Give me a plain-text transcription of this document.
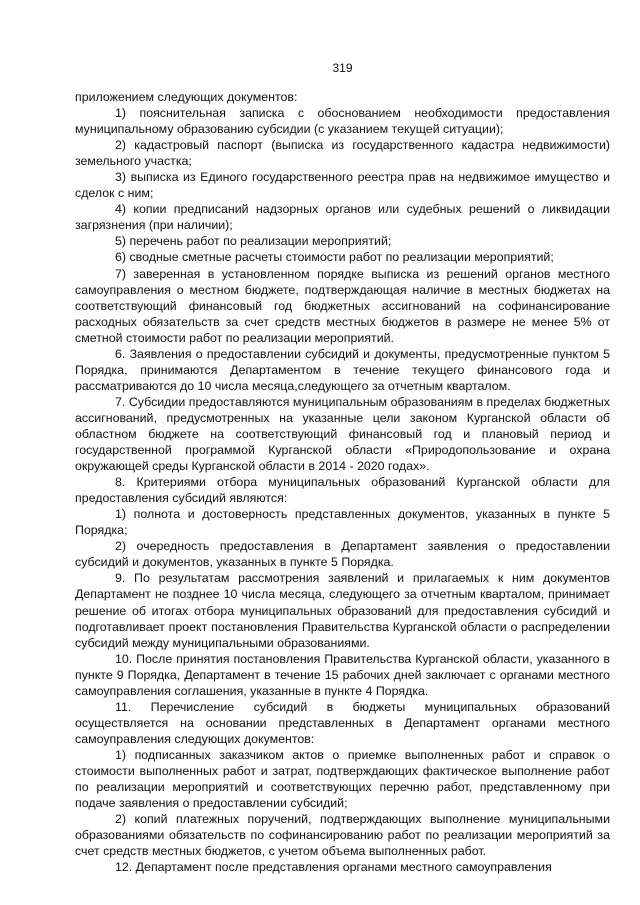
319

приложением следующих документов:

1) пояснительная записка с обоснованием необходимости предоставления муниципальному образованию субсидии (с указанием текущей ситуации);

2) кадастровый паспорт (выписка из государственного кадастра недвижимости) земельного участка;

3) выписка из Единого государственного реестра прав на недвижимое имущество и сделок с ним;

4) копии предписаний надзорных органов или судебных решений о ликвидации загрязнения (при наличии);

5) перечень работ по реализации мероприятий;

6) сводные сметные расчеты стоимости работ по реализации мероприятий;

7) заверенная в установленном порядке выписка из решений органов местного самоуправления о местном бюджете, подтверждающая наличие в местных бюджетах на соответствующий финансовый год бюджетных ассигнований на софинансирование расходных обязательств за счет средств местных бюджетов в размере не менее 5% от сметной стоимости работ по реализации мероприятий.

6. Заявления о предоставлении субсидий и документы, предусмотренные пунктом 5 Порядка, принимаются Департаментом в течение текущего финансового года и рассматриваются до 10 числа месяца,следующего за отчетным кварталом.

7. Субсидии предоставляются муниципальным образованиям в пределах бюджетных ассигнований, предусмотренных на указанные цели законом Курганской области об областном бюджете на соответствующий финансовый год и плановый период и государственной программой Курганской области «Природопользование и охрана окружающей среды Курганской области в 2014 - 2020 годах».

8. Критериями отбора муниципальных образований Курганской области для предоставления субсидий являются:

1) полнота и достоверность представленных документов, указанных в пункте 5 Порядка;

2) очередность предоставления в Департамент заявления о предоставлении субсидий и документов, указанных в пункте 5 Порядка.

9. По результатам рассмотрения заявлений и прилагаемых к ним документов Департамент не позднее 10 числа месяца, следующего за отчетным кварталом, принимает решение об итогах отбора муниципальных образований для предоставления субсидий и подготавливает проект постановления Правительства Курганской области о распределении субсидий между муниципальными образованиями.

10. После принятия постановления Правительства Курганской области, указанного в пункте 9 Порядка, Департамент в течение 15 рабочих дней заключает с органами местного самоуправления соглашения, указанные в пункте 4 Порядка.

11. Перечисление субсидий в бюджеты муниципальных образований осуществляется на основании представленных в Департамент органами местного самоуправления следующих документов:

1) подписанных заказчиком актов о приемке выполненных работ и справок о стоимости выполненных работ и затрат, подтверждающих фактическое выполнение работ по реализации мероприятий и соответствующих перечню работ, представленному при подаче заявления о предоставлении субсидий;

2) копий платежных поручений, подтверждающих выполнение муниципальными образованиями обязательств по софинансированию работ по реализации мероприятий за счет средств местных бюджетов, с учетом объема выполненных работ.

12. Департамент после представления органами местного самоуправления
